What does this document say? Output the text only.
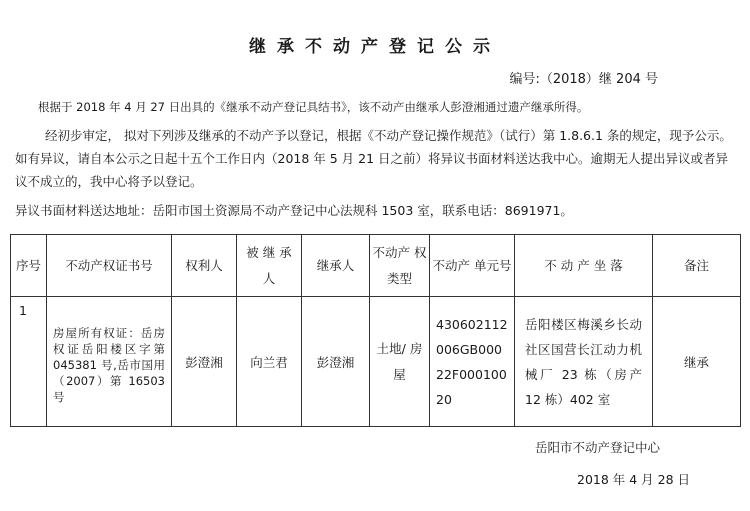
继承不动产登记公示
编号:（2018）继 204 号
根据于 2018 年 4 月 27 日出具的《继承不动产登记具结书》，该不动产由继承人彭澄湘通过遗产继承所得。
经初步审定， 拟对下列涉及继承的不动产予以登记，根据《不动产登记操作规范》（试行）第 1.8.6.1 条的规定，现予公示。如有异议，请自本公示之日起十五个工作日内（2018 年 5 月 21 日之前）将异议书面材料送达我中心。逾期无人提出异议或者异议不成立的，我中心将予以登记。
异议书面材料送达地址：岳阳市国土资源局不动产登记中心法规科 1503 室，联系电话：8691971。
序号	不动产权证书号	权利人	被 继 承 人	继承人	不动产 权类型	不动产 单元号	不 动 产 坐 落	备注
1	房屋所有权证：岳房权证岳阳楼区字第 045381 号,岳市国用（2007）第 16503 号	彭澄湘	向兰君	彭澄湘	土地/ 房屋	430602112006GB00022F00010020	岳阳楼区梅溪乡长动社区国营长江动力机械厂 23 栋（房产 12 栋）402 室	继承
岳阳市不动产登记中心
2018 年 4 月 28 日
